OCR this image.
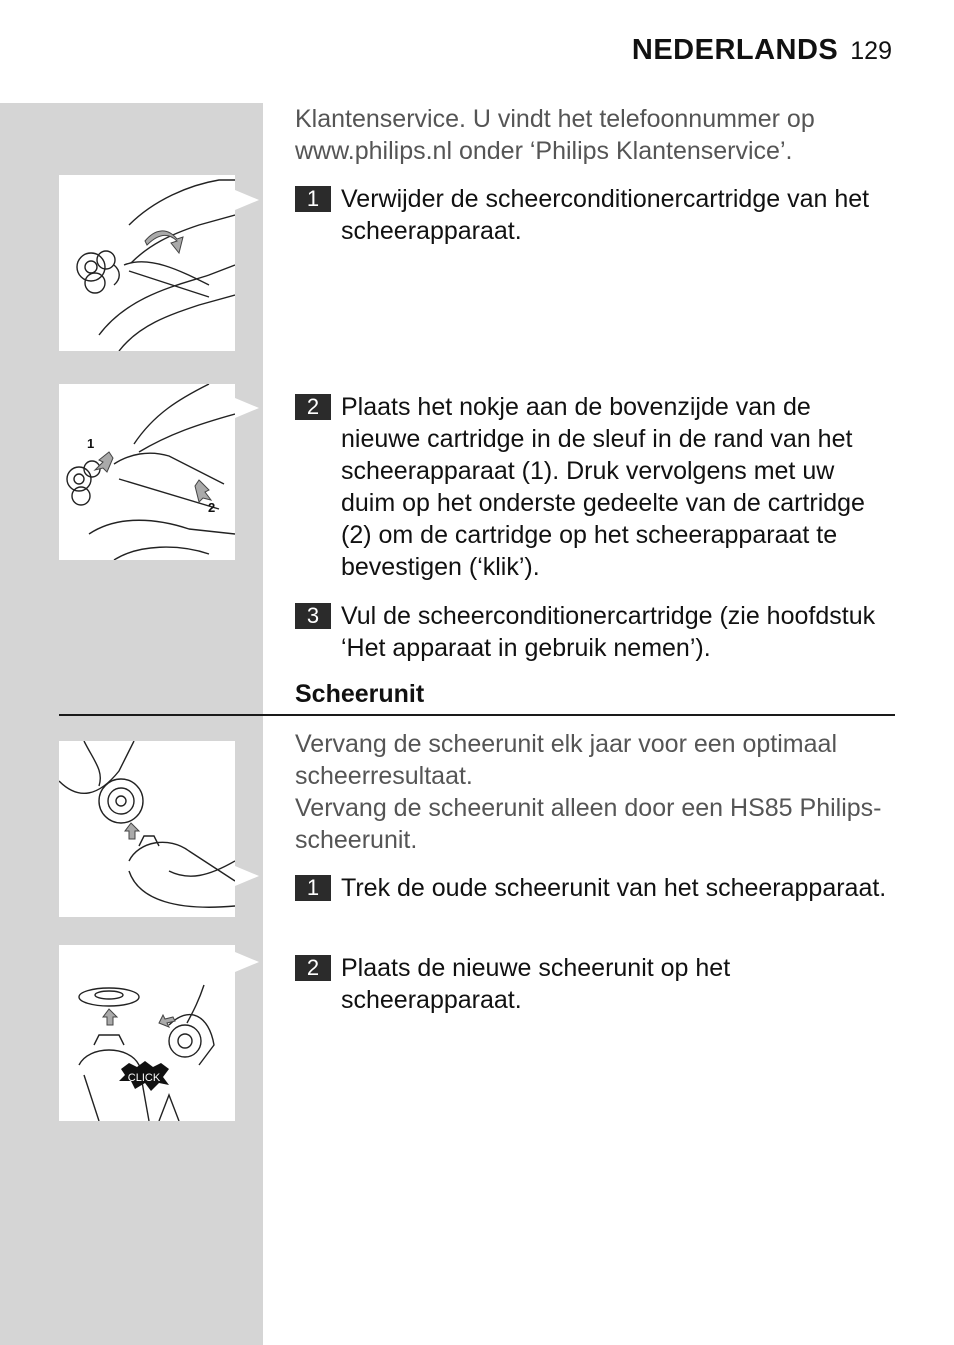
NEDERLANDS 129

Klantenservice. U vindt het telefoonnummer op

www.philips.nl onder ‘Philips Klantenservice’.

1 Verwijder de scheerconditionercartridge van het scheerapparaat.
1
2
2 Plaats het nokje aan de bovenzijde van de nieuwe cartridge in de sleuf in de rand van het scheerapparaat (1). Druk vervolgens met uw duim op het onderste gedeelte van de cartridge (2) om de cartridge op het scheerapparaat te bevestigen (‘klik’).
3 Vul de scheerconditionercartridge (zie hoofdstuk ‘Het apparaat in gebruik nemen’).
Scheerunit

Vervang de scheerunit elk jaar voor een optimaal scheerresultaat.

Vervang de scheerunit alleen door een HS85 Philips-scheerunit.

1 Trek de oude scheerunit van het scheerapparaat.
CLICK
2 Plaats de nieuwe scheerunit op het scheerapparaat.
